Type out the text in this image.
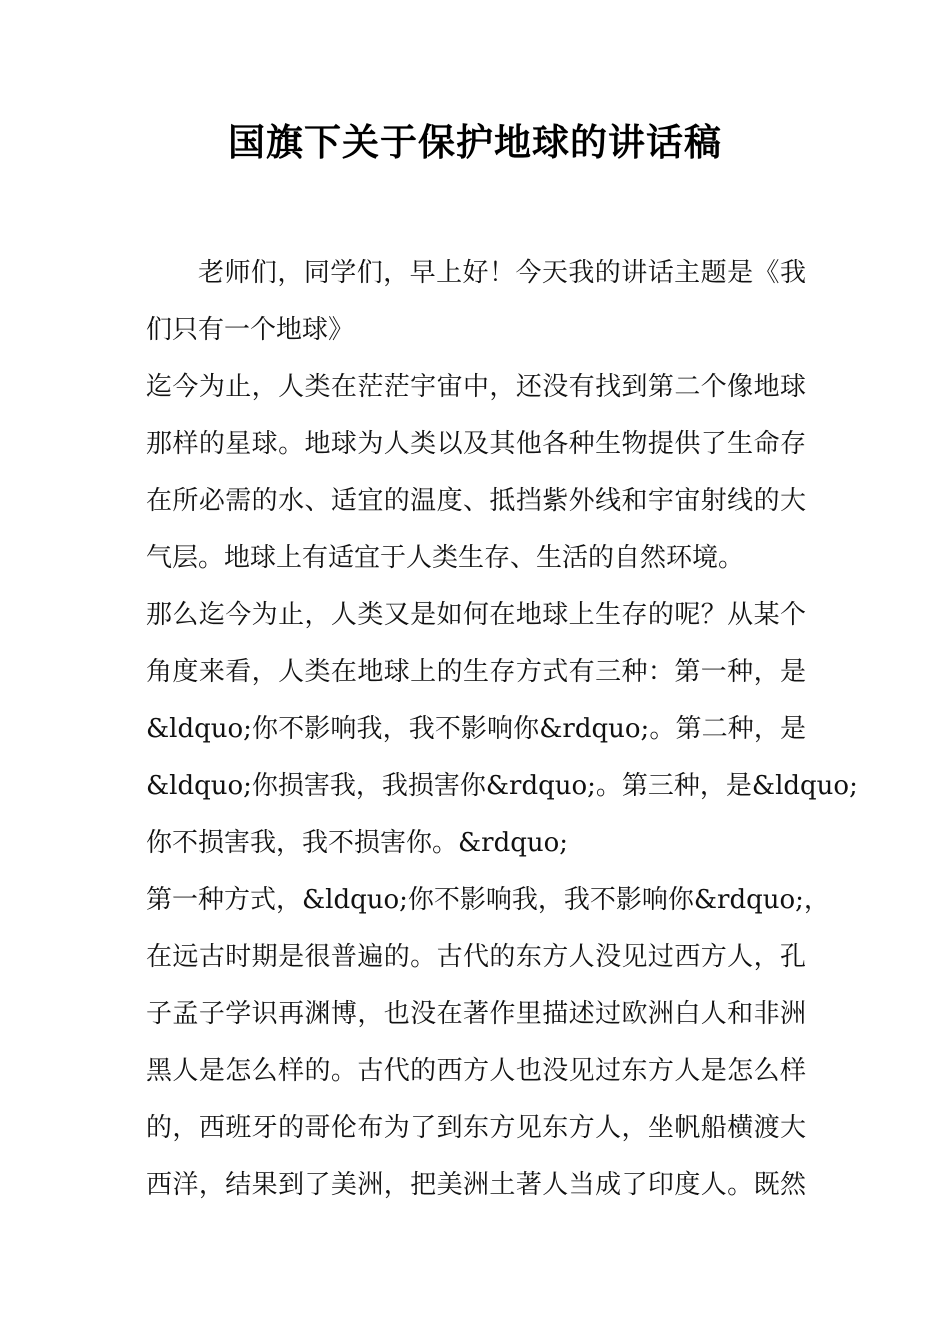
国旗下关于保护地球的讲话稿
老师们，同学们，早上好！今天我的讲话主题是《我
们只有一个地球》
迄今为止，人类在茫茫宇宙中，还没有找到第二个像地球
那样的星球。地球为人类以及其他各种生物提供了生命存
在所必需的水、适宜的温度、抵挡紫外线和宇宙射线的大
气层。地球上有适宜于人类生存、生活的自然环境。
那么迄今为止，人类又是如何在地球上生存的呢？从某个
角度来看，人类在地球上的生存方式有三种：第一种，是
&ldquo;你不影响我，我不影响你&rdquo;。第二种，是
&ldquo;你损害我，我损害你&rdquo;。第三种，是&ldquo;
你不损害我，我不损害你。&rdquo;
第一种方式，&ldquo;你不影响我，我不影响你&rdquo;，
在远古时期是很普遍的。古代的东方人没见过西方人，孔
子孟子学识再渊博，也没在著作里描述过欧洲白人和非洲
黑人是怎么样的。古代的西方人也没见过东方人是怎么样
的，西班牙的哥伦布为了到东方见东方人，坐帆船横渡大
西洋，结果到了美洲，把美洲土著人当成了印度人。既然
